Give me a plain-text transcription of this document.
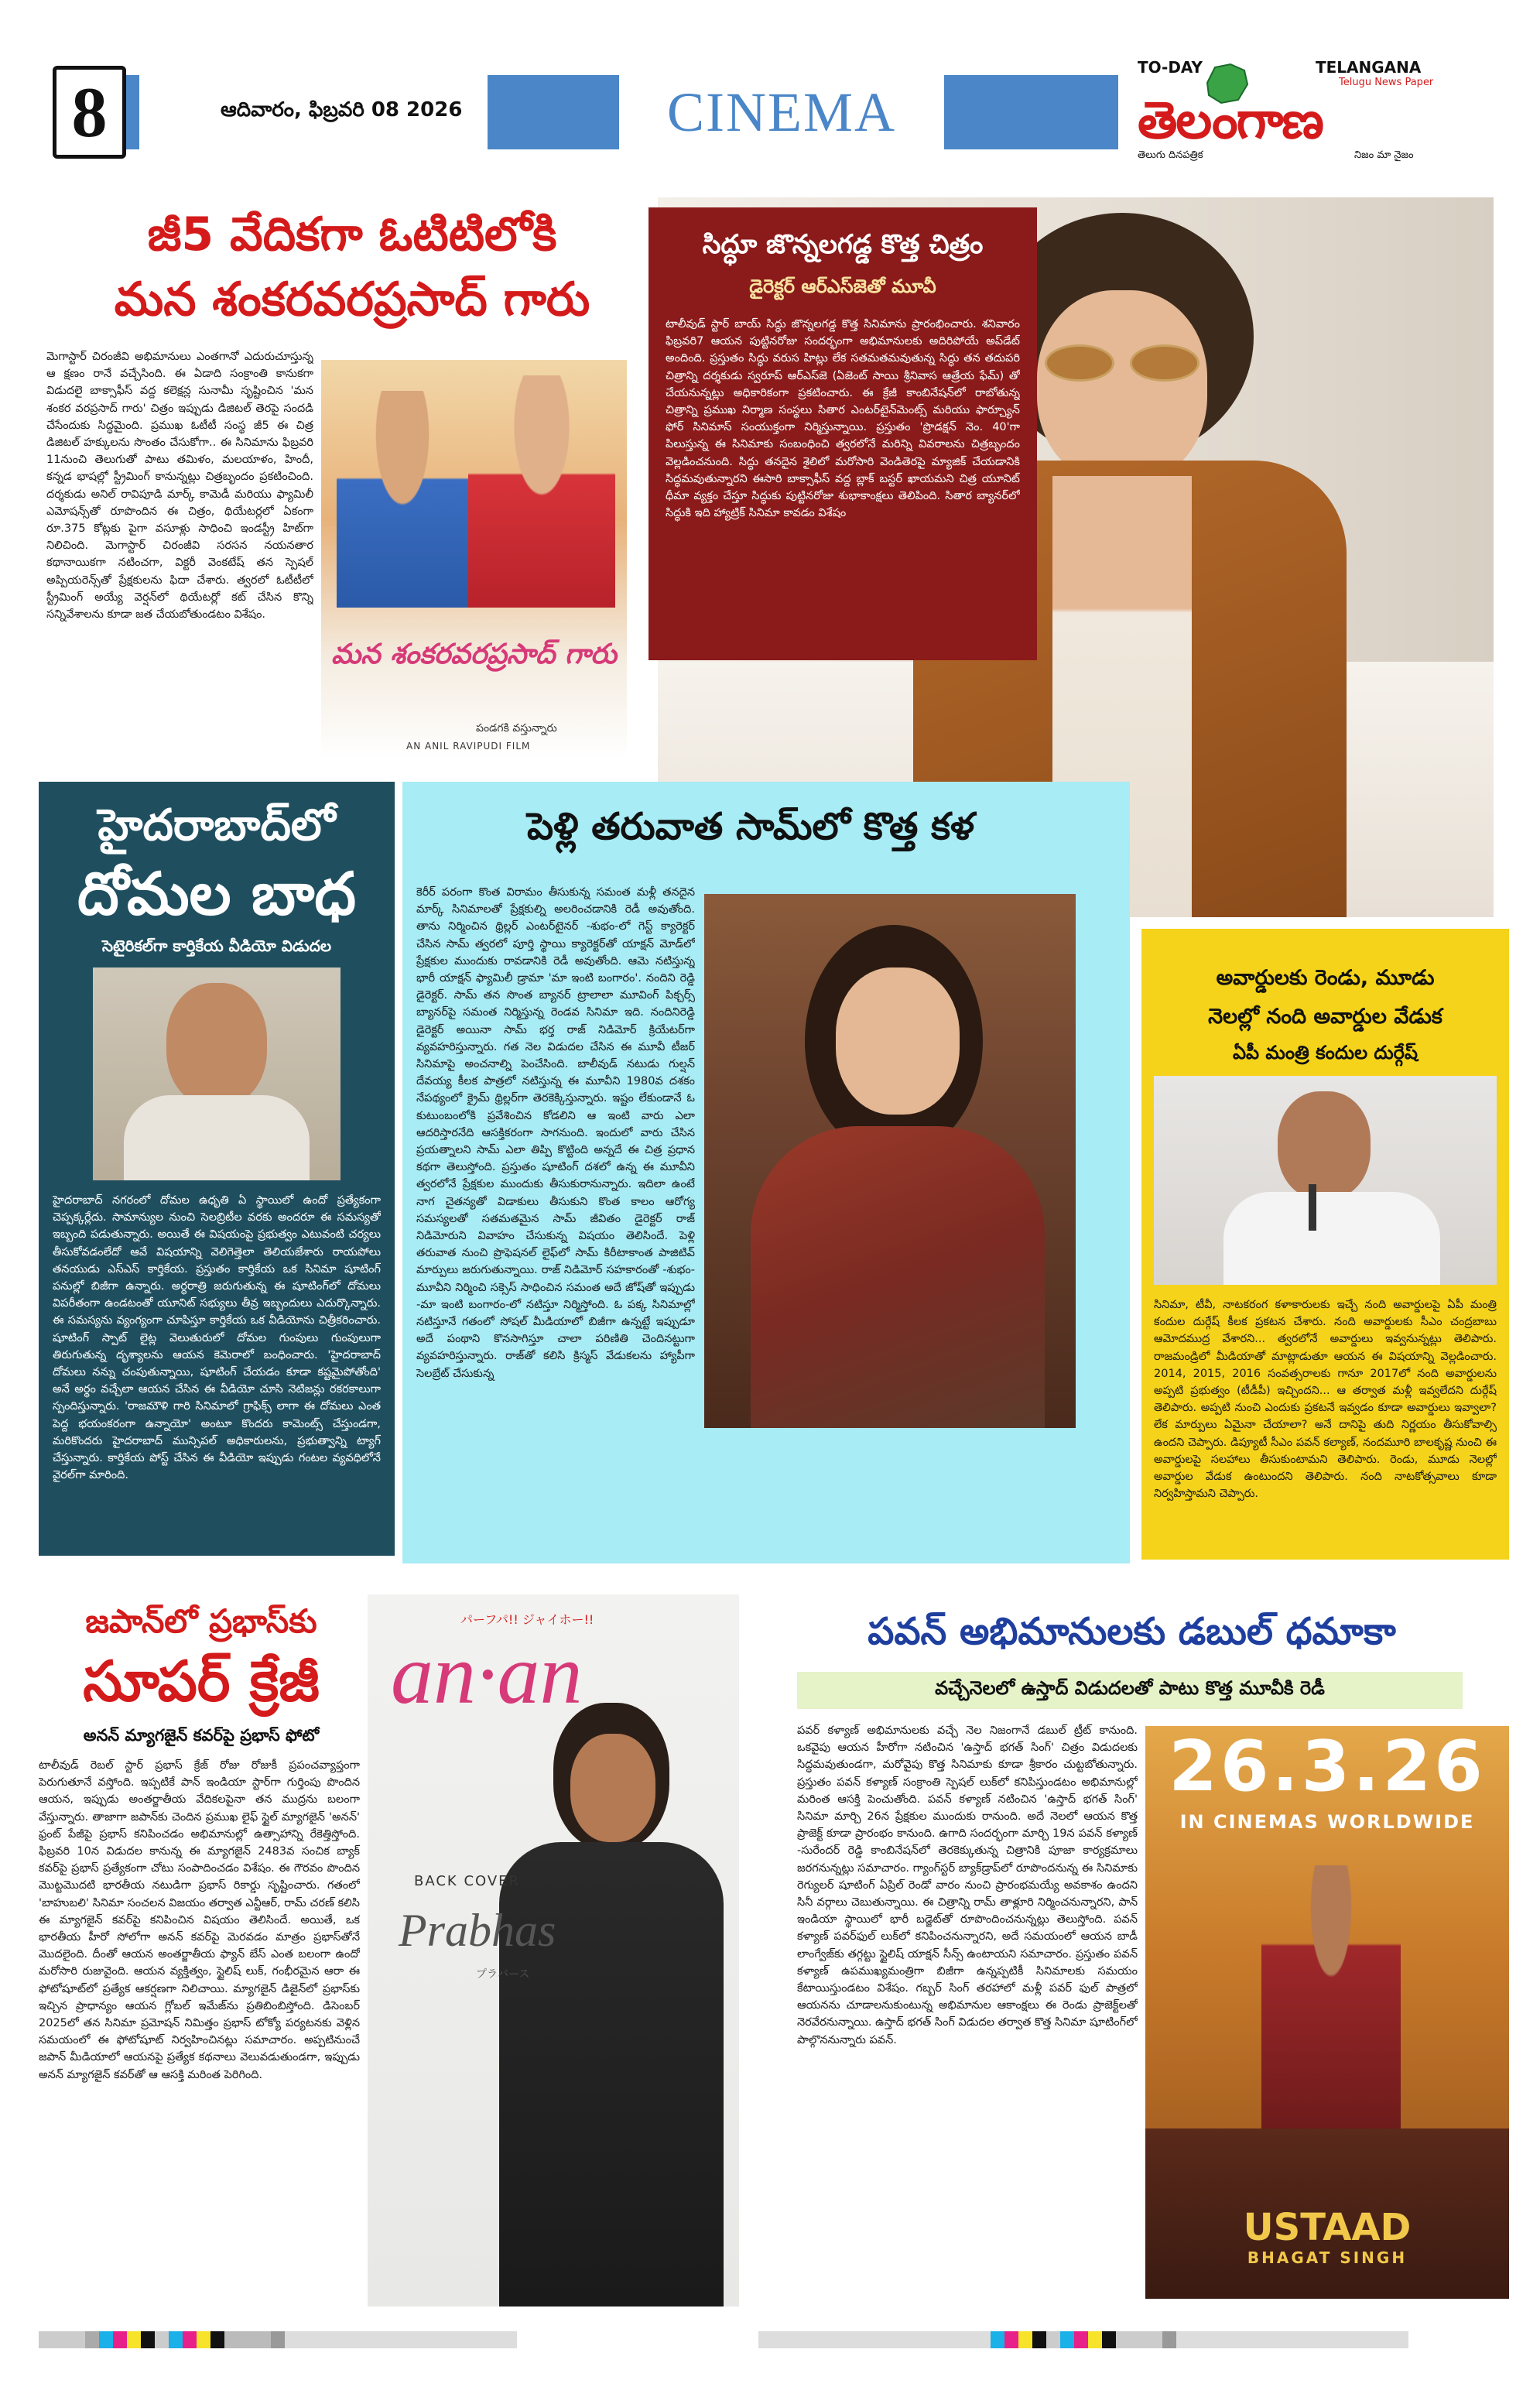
8	ఆదివారం, ఫిబ్రవరి 08 2026	CINEMA
TO-DAY	TELANGANA
Telugu News Paper
తెలంగాణ
తెలుగు దినపత్రిక	నిజం మా నైజం
జీ5 వేదికగా ఓటిటిలోకి
మన శంకరవరప్రసాద్ గారు
మెగాస్టార్ చిరంజీవి అభిమానులు ఎంతగానో ఎదురుచూస్తున్న ఆ క్షణం రానే వచ్చేసింది. ఈ ఏడాది సంక్రాంతి కానుకగా విడుదలై బాక్సాఫీస్ వద్ద కలెక్షన్ల సునామీ సృష్టించిన 'మన శంకర వరప్రసాద్ గారు' చిత్రం ఇప్పుడు డిజిటల్ తెరపై సందడి చేసేందుకు సిద్ధమైంది. ప్రముఖ ఓటీటీ సంస్థ జీ5 ఈ చిత్ర డిజిటల్ హక్కులను సొంతం చేసుకోగా.. ఈ సినిమాను ఫిబ్రవరి 11నుంచి తెలుగుతో పాటు తమిళం, మలయాళం, హిందీ, కన్నడ భాషల్లో స్ట్రీమింగ్ కానున్నట్లు చిత్రబృందం ప్రకటించింది. దర్శకుడు అనిల్ రావిపూడి మార్క్ కామెడీ మరియు ఫ్యామిలీ ఎమోషన్స్‌తో రూపొందిన ఈ చిత్రం, థియేటర్లలో ఏకంగా రూ.375 కోట్లకు పైగా వసూళ్లు సాధించి ఇండస్ట్రీ హిట్‌గా నిలిచింది. మెగాస్టార్ చిరంజీవి సరసన నయనతార కథానాయికగా నటించగా, విక్టరీ వెంకటేష్ తన స్పెషల్ అప్పియరెన్స్‌తో ప్రేక్షకులను ఫిదా చేశారు. త్వరలో ఓటీటీలో స్ట్రీమింగ్ అయ్యే వెర్షన్‌లో థియేటర్లో కట్ చేసిన కొన్ని సన్నివేశాలను కూడా జత చేయబోతుండటం విశేషం.
మన శంకరవరప్రసాద్ గారు
పండగకి వస్తున్నారు
AN ANIL RAVIPUDI FILM
సిద్ధూ జొన్నలగడ్డ కొత్త చిత్రం
డైరెక్టర్ ఆర్ఎస్‌జెతో మూవీ
టాలీవుడ్ స్టార్ బాయ్ సిద్ధు జొన్నలగడ్డ కొత్త సినిమాను ప్రారంభించారు. శనివారం ఫిబ్రవరి7 ఆయన పుట్టినరోజు సందర్భంగా అభిమానులకు అదిరిపోయే అప్‌డేట్ అందింది. ప్రస్తుతం సిద్ధు వరుస హిట్లు లేక సతమతమవుతున్న సిద్ధు తన తదుపరి చిత్రాన్ని దర్శకుడు స్వరూప్ ఆర్ఎస్‌జె (ఏజెంట్ సాయి శ్రీనివాస ఆత్రేయ ఫేమ్) తో చేయనున్నట్లు అధికారికంగా ప్రకటించారు. ఈ క్రేజీ కాంబినేషన్‌లో రాబోతున్న చిత్రాన్ని ప్రముఖ నిర్మాణ సంస్థలు సితార ఎంటర్‌టైన్‌మెంట్స్ మరియు ఫార్చ్యూన్ ఫోర్ సినిమాస్ సంయుక్తంగా నిర్మిస్తున్నాయి. ప్రస్తుతం 'ప్రొడక్షన్ నెం. 40'గా పిలుస్తున్న ఈ సినిమాకు సంబంధించి త్వరలోనే మరిన్ని వివరాలను చిత్రబృందం వెల్లడించనుంది. సిద్ధు తనదైన శైలిలో మరోసారి వెండితెరపై మ్యాజిక్ చేయడానికి సిద్ధమవుతున్నారని ఈసారి బాక్సాఫీస్ వద్ద బ్లాక్ బస్టర్ ఖాయమని చిత్ర యూనిట్ ధీమా వ్యక్తం చేస్తూ సిద్ధుకు పుట్టినరోజు శుభాకాంక్షలు తెలిపింది. సితార బ్యానర్‌లో సిద్ధుకి ఇది హ్యాట్రిక్ సినిమా కావడం విశేషం
హైదరాబాద్‌లో
దోమల బాధ
సెటైరికల్‌గా కార్తికేయ వీడియో విడుదల
హైదరాబాద్ నగరంలో దోమల ఉధృతి ఏ స్థాయిలో ఉందో ప్రత్యేకంగా చెప్పక్కర్లేదు. సామాన్యుల నుంచి సెలబ్రిటీల వరకు అందరూ ఈ సమస్యతో ఇబ్బంది పడుతున్నారు. అయితే ఈ విషయంపై ప్రభుత్వం ఎటువంటి చర్యలు తీసుకోవడంలేదో ఆవే విషయాన్ని వెలిగెత్తెలా తెలియజేశారు రాయపోలు తనయుడు ఎస్‌ఎస్ కార్తికేయ. ప్రస్తుతం కార్తికేయ ఒక సినిమా షూటింగ్ పనుల్లో బిజీగా ఉన్నారు. అర్ధరాత్రి జరుగుతున్న ఈ షూటింగ్‌లో దోమలు విపరీతంగా ఉండటంతో యూనిట్ సభ్యులు తీవ్ర ఇబ్బందులు ఎదుర్కొన్నారు. ఈ సమస్యను వ్యంగ్యంగా చూపిస్తూ కార్తికేయ ఒక వీడియోను చిత్రీకరించారు. షూటింగ్ స్పాట్ లైట్ల వెలుతురులో దోమల గుంపులు గుంపులుగా తిరుగుతున్న దృశ్యాలను ఆయన కెమెరాలో బంధించారు. 'హైదరాబాద్ దోమలు నన్ను చంపుతున్నాయి, షూటింగ్ చేయడం కూడా కష్టమైపోతోంది' అనే అర్థం వచ్చేలా ఆయన చేసిన ఈ వీడియో చూసి నెటిజన్లు రకరకాలుగా స్పందిస్తున్నారు. 'రాజమౌళి గారి సినిమాలో గ్రాఫిక్స్ లాగా ఈ దోమలు ఎంత పెద్ద భయంకరంగా ఉన్నాయో' అంటూ కొందరు కామెంట్స్ చేస్తుండగా, మరికొందరు హైదరాబాద్ మున్సిపల్ అధికారులను, ప్రభుత్వాన్ని ట్యాగ్ చేస్తున్నారు. కార్తికేయ పోస్ట్ చేసిన ఈ వీడియో ఇప్పుడు గంటల వ్యవధిలోనే వైరల్‌గా మారింది.
పెళ్లి తరువాత సామ్‌లో కొత్త కళ
కెరీర్ పరంగా కొంత విరామం తీసుకున్న సమంత మళ్లీ తనదైన మార్క్ సినిమాలతో ప్రేక్షకుల్ని అలరించడానికి రెడీ అవుతోంది. తాను నిర్మించిన థ్రిల్లర్ ఎంటర్‌టైనర్ -శుభం-లో గెస్ట్ క్యారెక్టర్ చేసిన సామ్ త్వరలో పూర్తి స్థాయి క్యారెక్టర్‌తో యాక్షన్ మోడ్‌లో ప్రేక్షకుల ముందుకు రావడానికి రెడీ అవుతోంది. ఆమె నటిస్తున్న భారీ యాక్షన్ ఫ్యామిలీ డ్రామా 'మా ఇంటి బంగారం'. నందిని రెడ్డి డైరెక్టర్. సామ్ తన సొంత బ్యానర్ ట్రాలాలా మూవింగ్ పిక్చర్స్ బ్యానర్‌పై సమంత నిర్మిస్తున్న రెండవ సినిమా ఇది. నందినిరెడ్డి డైరెక్టర్ అయినా సామ్ భర్త రాజ్ నిడిమోర్ క్రియేటర్‌గా వ్యవహరిస్తున్నారు. గత నెల విడుదల చేసిన ఈ మూవీ టీజర్ సినిమాపై అంచనాల్ని పెంచేసింది. బాలీవుడ్ నటుడు గుల్షన్ దేవయ్య కీలక పాత్రలో నటిస్తున్న ఈ మూవీని 1980వ దశకం నేపథ్యంలో క్రైమ్ థ్రిల్లర్‌గా తెరకెక్కిస్తున్నారు. ఇష్టం లేకుండానే ఓ కుటుంబంలోకి ప్రవేశించిన కోడలిని ఆ ఇంటి వారు ఎలా ఆదరిస్తారనేది ఆసక్తికరంగా సాగనుంది. ఇందులో వారు చేసిన ప్రయత్నాలని సామ్ ఎలా తిప్పి కొట్టింది అన్నదే ఈ చిత్ర ప్రధాన కథగా తెలుస్తోంది. ప్రస్తుతం షూటింగ్ దశలో ఉన్న ఈ మూవీని త్వరలోనే ప్రేక్షకుల ముందుకు తీసుకురానున్నారు. ఇదిలా ఉంటే నాగ చైతన్యతో విడాకులు తీసుకుని కొంత కాలం ఆరోగ్య సమస్యలతో సతమతమైన సామ్ జీవితం డైరెక్టర్ రాజ్ నిడిమోరుని వివాహం చేసుకున్న విషయం తెలిసిందే. పెళ్లి తరువాత నుంచి ప్రొఫెషనల్ లైఫ్‌లో సామ్‌ కిరీటాకాంత పాజిటివ్ మార్పులు జరుగుతున్నాయి. రాజ్ నిడిమోర్ సహకారంతో -శుభం- మూవీని నిర్మించి సక్సెస్ సాధించిన సమంత అదే జోష్‌తో ఇప్పుడు -మా ఇంటి బంగారం-లో నటిస్తూ నిర్మిస్తోంది. ఓ పక్క సినిమాల్లో నటిస్తూనే గతంలో సోషల్ మీడియాలో బిజీగా ఉన్నట్టే ఇప్పుడూ అదే పంథాని కొనసాగిస్తూ చాలా పరిణితి చెందినట్టుగా వ్యవహరిస్తున్నారు. రాజ్‌తో కలిసి క్రిస్మస్ వేడుకలను హ్యాపీగా సెలబ్రేట్ చేసుకున్న
అవార్డులకు రెండు, మూడు
నెలల్లో నంది అవార్డుల వేడుక
ఏపీ మంత్రి కందుల దుర్గేష్
సినిమా, టీవీ, నాటకరంగ కళాకారులకు ఇచ్చే నంది అవార్డులపై ఏపీ మంత్రి కందుల దుర్గేష్ కీలక ప్రకటన చేశారు. నంది అవార్డులకు సీఎం చంద్రబాబు ఆమోదముద్ర వేశారని... త్వరలోనే అవార్డులు ఇవ్వనున్నట్లు తెలిపారు. రాజమండ్రిలో మీడియాతో మాట్లాడుతూ ఆయన ఈ విషయాన్ని వెల్లడించారు. 2014, 2015, 2016 సంవత్సరాలకు గానూ 2017లో నంది అవార్డులను అప్పటి ప్రభుత్వం (టీడీపీ) ఇచ్చిందని... ఆ తర్వాత మళ్లీ ఇవ్వలేదని దుర్గేష్ తెలిపారు. అప్పటి నుంచి ఎందుకు ప్రకటనే ఇవ్వడం కూడా అవార్డులు ఇవ్వాలా? లేక మార్పులు ఏమైనా చేయాలా? అనే దానిపై తుది నిర్ణయం తీసుకోవాల్సి ఉందని చెప్పారు. డిప్యూటీ సీఎం పవన్ కల్యాణ్, నందమూరి బాలకృష్ణ నుంచి ఈ అవార్డులపై సలహాలు తీసుకుంటామని తెలిపారు. రెండు, మూడు నెలల్లో అవార్డుల వేడుక ఉంటుందని తెలిపారు. నంది నాటకోత్సవాలు కూడా నిర్వహిస్తామని చెప్పారు.
జపాన్‌లో ప్రభాస్‌కు
సూపర్ క్రేజీ
అనన్ మ్యాగజైన్ కవర్‌పై ప్రభాస్ ఫోటో
టాలీవుడ్ రెబల్ స్టార్ ప్రభాస్ క్రేజ్ రోజు రోజుకీ ప్రపంచవ్యాప్తంగా పెరుగుతూనే వస్తోంది. ఇప్పటికే పాన్ ఇండియా స్టార్‌గా గుర్తింపు పొందిన ఆయన, ఇప్పుడు అంతర్జాతీయ వేదికలపైనా తన ముద్రను బలంగా వేస్తున్నారు. తాజాగా జపాన్‌కు చెందిన ప్రముఖ లైఫ్ స్టైల్ మ్యాగజైన్ 'అనన్' ఫ్రంట్ పేజీపై ప్రభాస్ కనిపించడం అభిమానుల్లో ఉత్సాహాన్ని రేకెత్తిస్తోంది. ఫిబ్రవరి 10న విడుదల కానున్న ఈ మ్యాగజైన్ 2483వ సంచిక బ్యాక్ కవర్‌పై ప్రభాస్ ప్రత్యేకంగా చోటు సంపాదించడం విశేషం. ఈ గౌరవం పొందిన మొట్టమొదటి భారతీయ నటుడిగా ప్రభాస్ రికార్డు సృష్టించారు. గతంలో 'బాహుబలి' సినిమా సంచలన విజయం తర్వాత ఎన్టీఆర్, రామ్ చరణ్ కలిసి ఈ మ్యాగజైన్ కవర్‌పై కనిపించిన విషయం తెలిసిందే. అయితే, ఒక భారతీయ హీరో సోలోగా అనన్ కవర్‌పై మెరవడం మాత్రం ప్రభాస్‌తోనే మొదలైంది. దీంతో ఆయన అంతర్జాతీయ ఫ్యాన్ బేస్ ఎంత బలంగా ఉందో మరోసారి రుజువైంది. ఆయన వ్యక్తిత్వం, స్టైలిష్ లుక్, గంభీరమైన ఆరా ఈ ఫోటోషూట్‌లో ప్రత్యేక ఆకర్షణగా నిలిచాయి. మ్యాగజైన్ డిజైన్‌లో ప్రభాస్‌కు ఇచ్చిన ప్రాధాన్యం ఆయన గ్లోబల్ ఇమేజ్‌ను ప్రతిబింబిస్తోంది. డిసెంబర్ 2025లో తన సినిమా ప్రమోషన్ నిమిత్తం ప్రభాస్ టోక్యో పర్యటనకు వెళ్లిన సమయంలో ఈ ఫోటోషూట్ నిర్వహించినట్లు సమాచారం. అప్పటినుంచే జపాన్ మీడియాలో ఆయనపై ప్రత్యేక కథనాలు వెలువడుతుండగా, ఇప్పుడు అనన్ మ్యాగజైన్ కవర్‌తో ఆ ఆసక్తి మరింత పెరిగింది.
パーフパ!! ジャイホー!!
an·an
BACK COVER
Prabhas
プラバース
పవన్ అభిమానులకు డబుల్ ధమాకా
వచ్చేనెలలో ఉస్తాద్ విడుదలతో పాటు కొత్త మూవీకి రెడీ
పవర్ కళ్యాణ్ అభిమానులకు వచ్చే నెల నిజంగానే డబుల్ ట్రీట్ కానుంది. ఒకవైపు ఆయన హీరోగా నటించిన 'ఉస్తాద్ భగత్ సింగ్' చిత్రం విడుదలకు సిద్ధమవుతుండగా, మరోవైపు కొత్త సినిమాకు కూడా శ్రీకారం చుట్టబోతున్నారు. ప్రస్తుతం పవన్ కళ్యాణ్ సంక్రాంతి స్పెషల్ లుక్‌లో కనిపిస్తుండటం అభిమానుల్లో మరింత ఆసక్తి పెంచుతోంది. పవన్ కళ్యాణ్ నటించిన 'ఉస్తాద్ భగత్ సింగ్' సినిమా మార్చి 26న ప్రేక్షకుల ముందుకు రానుంది. అదే నెలలో ఆయన కొత్త ప్రాజెక్ట్ కూడా ప్రారంభం కానుంది. ఉగాది సందర్భంగా మార్చి 19న పవన్ కళ్యాణ్ -సురేందర్ రెడ్డి కాంబినేషన్‌లో తెరకెక్కుతున్న చిత్రానికి పూజా కార్యక్రమాలు జరగనున్నట్లు సమాచారం. గ్యాంగ్‌స్టర్ బ్యాక్‌డ్రాప్‌లో రూపొందనున్న ఈ సినిమాకు రెగ్యులర్ షూటింగ్ ఏప్రిల్ రెండో వారం నుంచి ప్రారంభమయ్యే అవకాశం ఉందని సినీ వర్గాలు చెబుతున్నాయి. ఈ చిత్రాన్ని రామ్ తాళ్లూరి నిర్మించనున్నారని, పాన్ ఇండియా స్థాయిలో భారీ బడ్జెట్‌తో రూపొందించనున్నట్లు తెలుస్తోంది. పవన్ కళ్యాణ్ పవర్‌ఫుల్ లుక్‌లో కనిపించనున్నారని, అదే సమయంలో ఆయన బాడీ లాంగ్వేజ్‌కు తగ్గట్టు స్టైలిష్ యాక్షన్ సీన్స్ ఉంటాయని సమాచారం. ప్రస్తుతం పవన్ కళ్యాణ్ ఉపముఖ్యమంత్రిగా బిజీగా ఉన్నప్పటికీ సినిమాలకు సమయం కేటాయిస్తుండటం విశేషం. గబ్బర్ సింగ్ తరహాలో మళ్లీ పవర్ ఫుల్ పాత్రలో ఆయనను చూడాలనుకుంటున్న అభిమానుల ఆకాంక్షలు ఈ రెండు ప్రాజెక్ట్‌లతో నెరవేరనున్నాయి. ఉస్తాద్ భగత్ సింగ్ విడుదల తర్వాత కొత్త సినిమా షూటింగ్‌లో పాల్గొననున్నారు పవన్.
26.3.26
IN CINEMAS WORLDWIDE
USTAAD
BHAGAT SINGH
